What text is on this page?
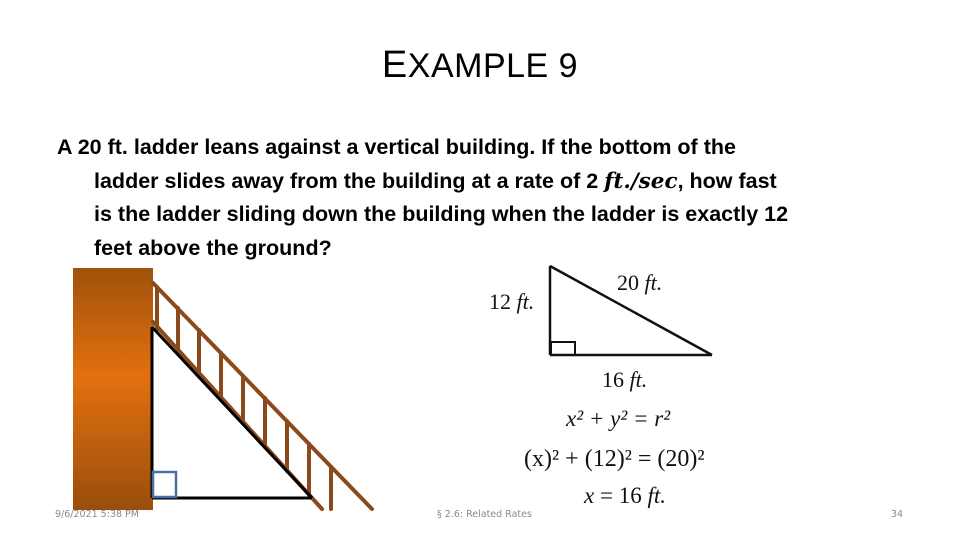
EXAMPLE 9
A 20 ft. ladder leans against a vertical building. If the bottom of the
ladder slides away from the building at a rate of 2 ft./sec, how fast
is the ladder sliding down the building when the ladder is exactly 12
feet above the ground?
12 ft.
20 ft.
16 ft.
x² + y² = r²
(x)² + (12)² = (20)²
x = 16 ft.
9/6/2021 5:38 PM	§ 2.6: Related Rates	34
